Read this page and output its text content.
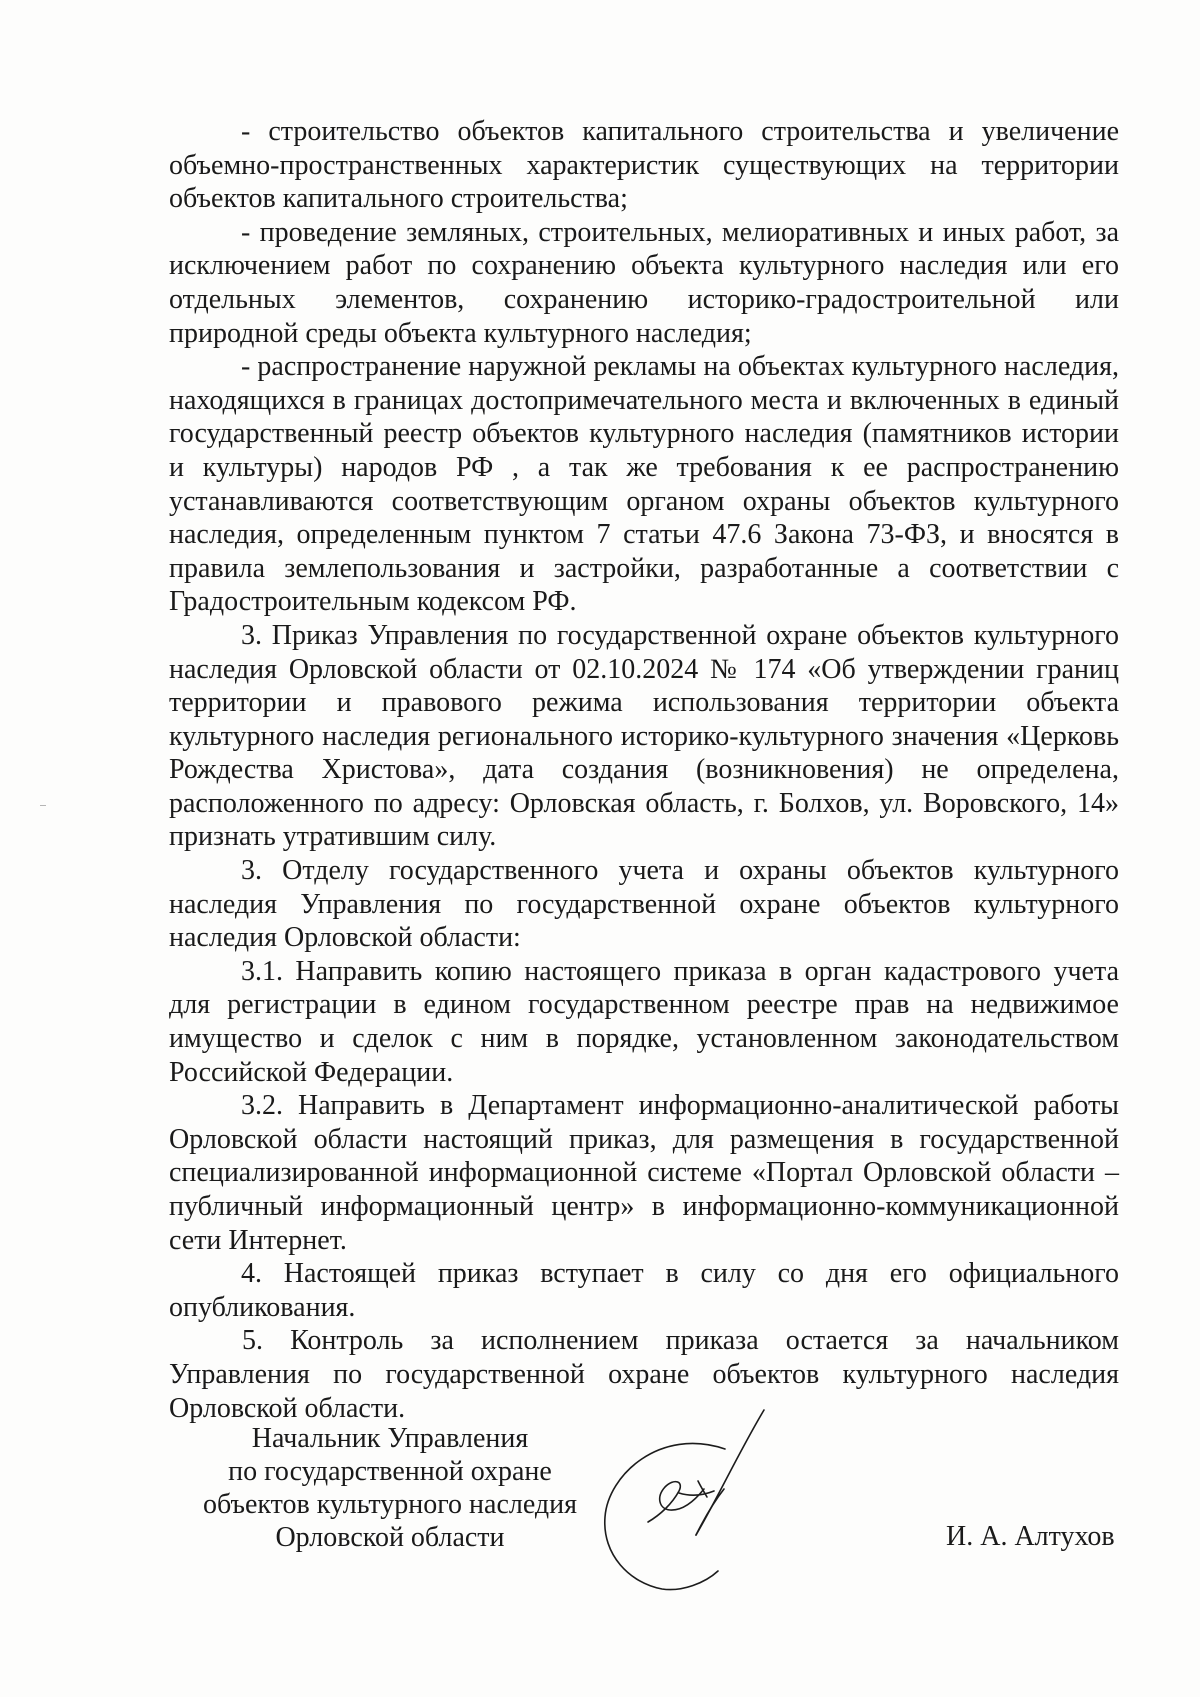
- строительство объектов капитального строительства и увеличение объемно-пространственных характеристик существующих на территории объектов капитального строительства;

- проведение земляных, строительных, мелиоративных и иных работ, за исключением работ по сохранению объекта культурного наследия или его отдельных элементов, сохранению историко-градостроительной или природной среды объекта культурного наследия;

- распространение наружной рекламы на объектах культурного наследия, находящихся в границах достопримечательного места и включенных в единый государственный реестр объектов культурного наследия (памятников истории и культуры) народов РФ , а так же требования к ее распространению устанавливаются соответствующим органом охраны объектов культурного наследия, определенным пунктом 7 статьи 47.6 Закона 73-ФЗ, и вносятся в правила землепользования и застройки, разработанные а соответствии с Градостроительным кодексом РФ.

3. Приказ Управления по государственной охране объектов культурного наследия Орловской области от 02.10.2024 № 174 «Об утверждении границ территории и правового режима использования территории объекта культурного наследия регионального историко-культурного значения «Церковь Рождества Христова», дата создания (возникновения) не определена, расположенного по адресу: Орловская область, г. Болхов, ул. Воровского, 14» признать утратившим силу.

3. Отделу государственного учета и охраны объектов культурного наследия Управления по государственной охране объектов культурного наследия Орловской области:

3.1. Направить копию настоящего приказа в орган кадастрового учета для регистрации в едином государственном реестре прав на недвижимое имущество и сделок с ним в порядке, установленном законодательством Российской Федерации.

3.2. Направить в Департамент информационно-аналитической работы Орловской области настоящий приказ, для размещения в государственной специализированной информационной системе «Портал Орловской области – публичный информационный центр» в информационно-коммуникационной сети Интернет.

4. Настоящей приказ вступает в силу со дня его официального опубликования.

5. Контроль за исполнением приказа остается за начальником Управления по государственной охране объектов культурного наследия Орловской области.

Начальник Управления
по государственной охране
объектов культурного наследия
Орловской области	И. А. Алтухов
